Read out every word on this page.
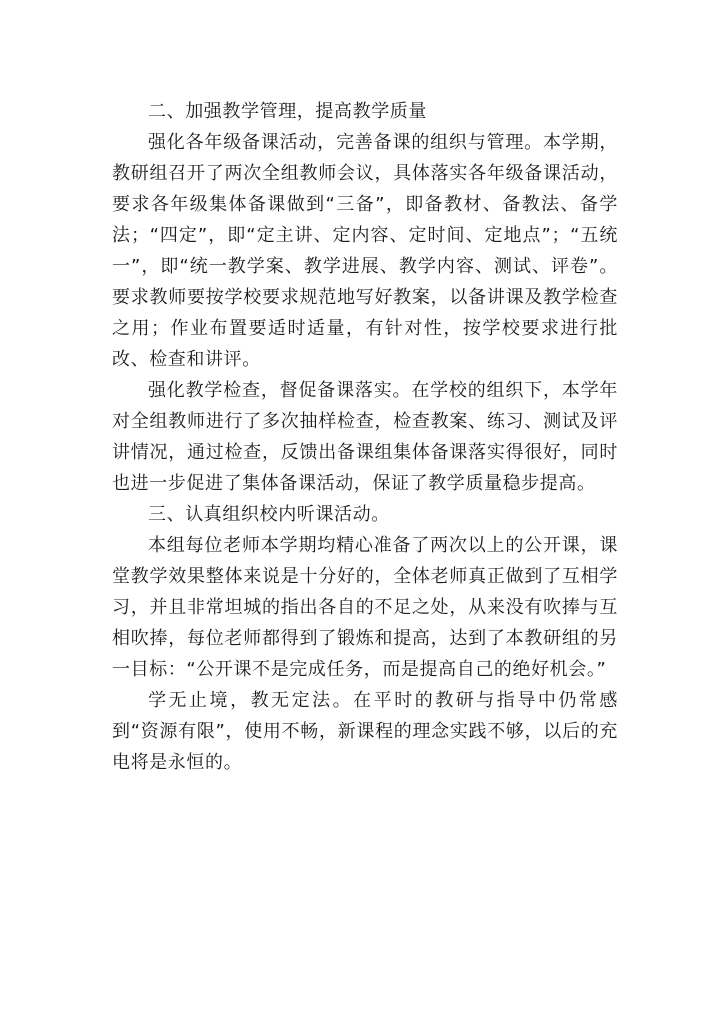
二、加强教学管理，提高教学质量

强化各年级备课活动，完善备课的组织与管理。本学期，教研组召开了两次全组教师会议，具体落实各年级备课活动，要求各年级集体备课做到“三备”，即备教材、备教法、备学法；“四定”，即“定主讲、定内容、定时间、定地点”；“五统一”，即“统一教学案、教学进展、教学内容、测试、评卷”。要求教师要按学校要求规范地写好教案，以备讲课及教学检查之用；作业布置要适时适量，有针对性，按学校要求进行批改、检查和讲评。

强化教学检查，督促备课落实。在学校的组织下，本学年对全组教师进行了多次抽样检查，检查教案、练习、测试及评讲情况，通过检查，反馈出备课组集体备课落实得很好，同时也进一步促进了集体备课活动，保证了教学质量稳步提高。

三、认真组织校内听课活动。

本组每位老师本学期均精心准备了两次以上的公开课，课堂教学效果整体来说是十分好的，全体老师真正做到了互相学习，并且非常坦城的指出各自的不足之处，从来没有吹捧与互相吹捧，每位老师都得到了锻炼和提高，达到了本教研组的另一目标：“公开课不是完成任务，而是提高自己的绝好机会。”

学无止境，教无定法。在平时的教研与指导中仍常感到“资源有限”，使用不畅，新课程的理念实践不够，以后的充电将是永恒的。
